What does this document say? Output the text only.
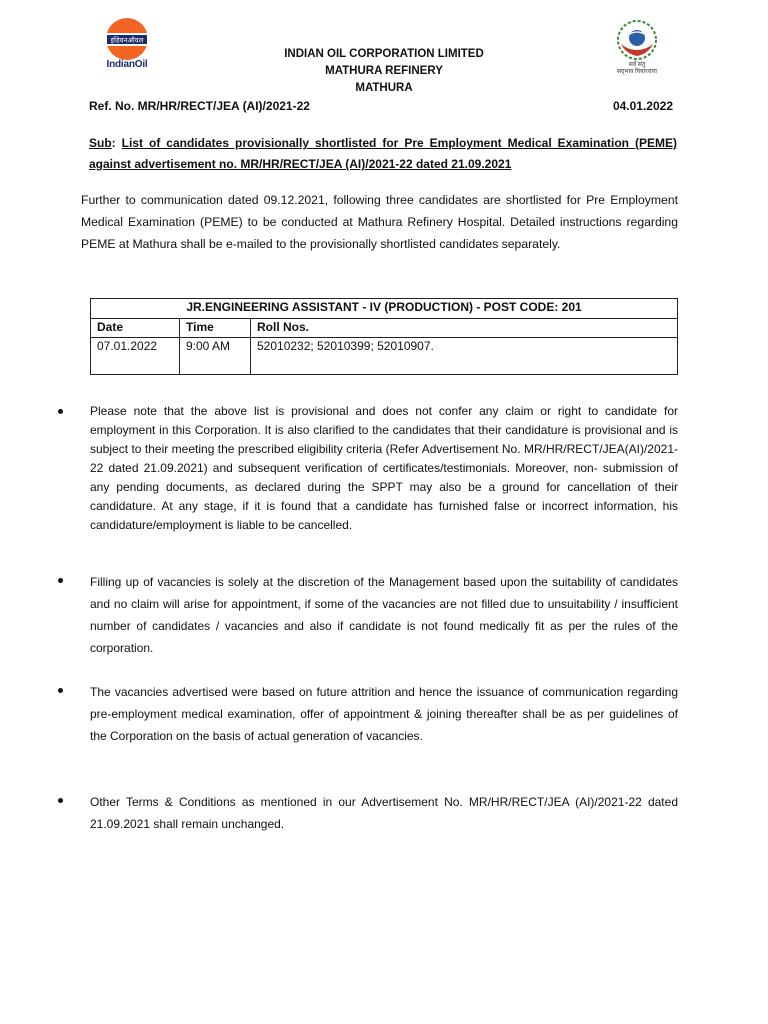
इंडियनऑयल
IndianOil	सर्वे संतु
सद्‌भाव विचारधारा
INDIAN OIL CORPORATION LIMITED
MATHURA REFINERY
MATHURA
Ref. No. MR/HR/RECT/JEA (AI)/2021-22	04.01.2022
Sub: List of candidates provisionally shortlisted for Pre Employment Medical Examination (PEME) against advertisement no. MR/HR/RECT/JEA (AI)/2021-22 dated 21.09.2021
Further to communication dated 09.12.2021, following three candidates are shortlisted for Pre Employment Medical Examination (PEME) to be conducted at Mathura Refinery Hospital. Detailed instructions regarding PEME at Mathura shall be e-mailed to the provisionally shortlisted candidates separately.
JR.ENGINEERING ASSISTANT - IV (PRODUCTION) - POST CODE: 201		
Date	Time	Roll Nos.
07.01.2022	9:00 AM	52010232; 52010399; 52010907.
Please note that the above list is provisional and does not confer any claim or right to candidate for employment in this Corporation. It is also clarified to the candidates that their candidature is provisional and is subject to their meeting the prescribed eligibility criteria (Refer Advertisement No. MR/HR/RECT/JEA(AI)/2021-22 dated 21.09.2021) and subsequent verification of certificates/testimonials. Moreover, non- submission of any pending documents, as declared during the SPPT may also be a ground for cancellation of their candidature. At any stage, if it is found that a candidate has furnished false or incorrect information, his candidature/employment is liable to be cancelled.
Filling up of vacancies is solely at the discretion of the Management based upon the suitability of candidates and no claim will arise for appointment, if some of the vacancies are not filled due to unsuitability / insufficient number of candidates / vacancies and also if candidate is not found medically fit as per the rules of the corporation.
The vacancies advertised were based on future attrition and hence the issuance of communication regarding pre-employment medical examination, offer of appointment & joining thereafter shall be as per guidelines of the Corporation on the basis of actual generation of vacancies.
Other Terms & Conditions as mentioned in our Advertisement No. MR/HR/RECT/JEA (AI)/2021-22 dated 21.09.2021 shall remain unchanged.
